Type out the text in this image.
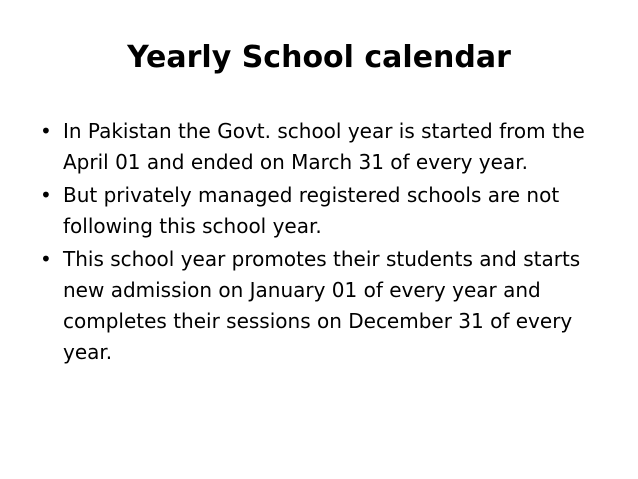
Yearly School calendar
• In Pakistan the Govt. school year is started from the April 01 and ended on March 31 of every year.
• But privately managed registered schools are not following this school year.
• This school year promotes their students and starts new admission on January 01 of every year and completes their sessions on December 31 of every year.
